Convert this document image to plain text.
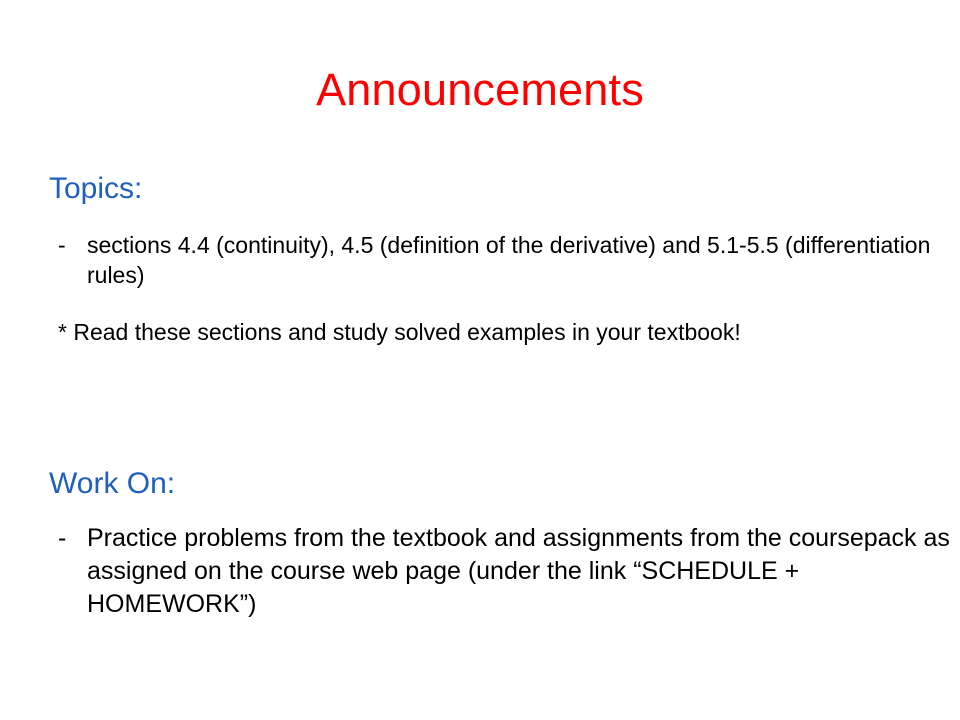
Announcements
Topics:
- sections 4.4 (continuity), 4.5 (definition of the derivative) and 5.1-5.5 (differentiation rules)
* Read these sections and study solved examples in your textbook!
Work On:
- Practice problems from the textbook and assignments from the coursepack as assigned on the course web page (under the link “SCHEDULE + HOMEWORK”)
